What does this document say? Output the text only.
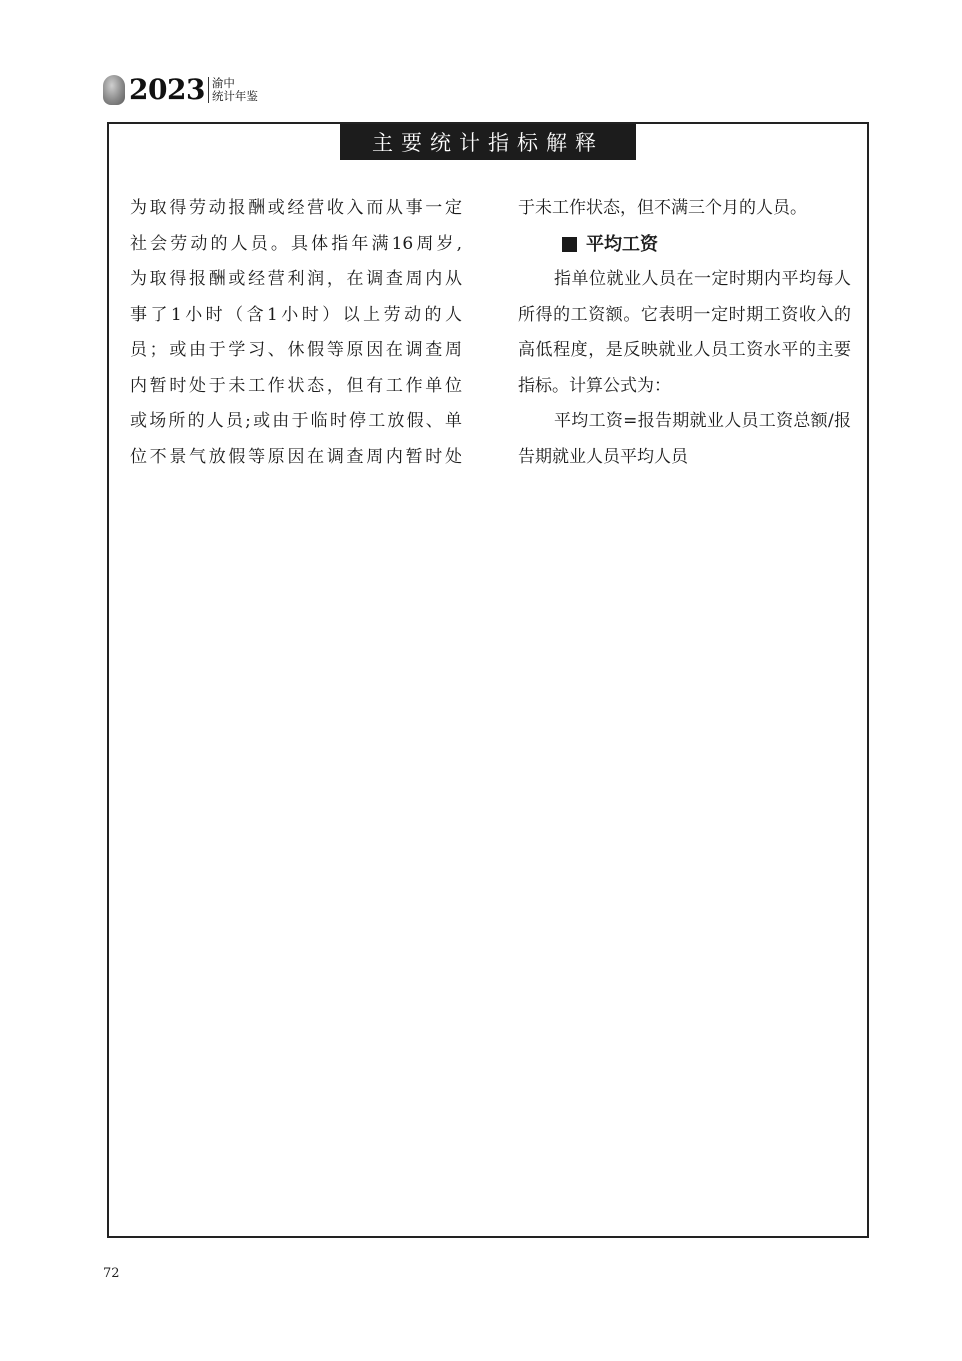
2023 渝中
统计年鉴
主要统计指标解释

为取得劳动报酬或经营收入而从事一定

社会劳动的人员。具体指年满16周岁,

为取得报酬或经营利润，在调查周内从

事了1小时（含1小时）以上劳动的人

员；或由于学习、休假等原因在调查周

内暂时处于未工作状态，但有工作单位

或场所的人员;或由于临时停工放假、单

位不景气放假等原因在调查周内暂时处

于未工作状态，但不满三个月的人员。

平均工资

指单位就业人员在一定时期内平均每人所得的工资额。它表明一定时期工资收入的高低程度，是反映就业人员工资水平的主要指标。计算公式为：

平均工资=报告期就业人员工资总额/报告期就业人员平均人员

72
